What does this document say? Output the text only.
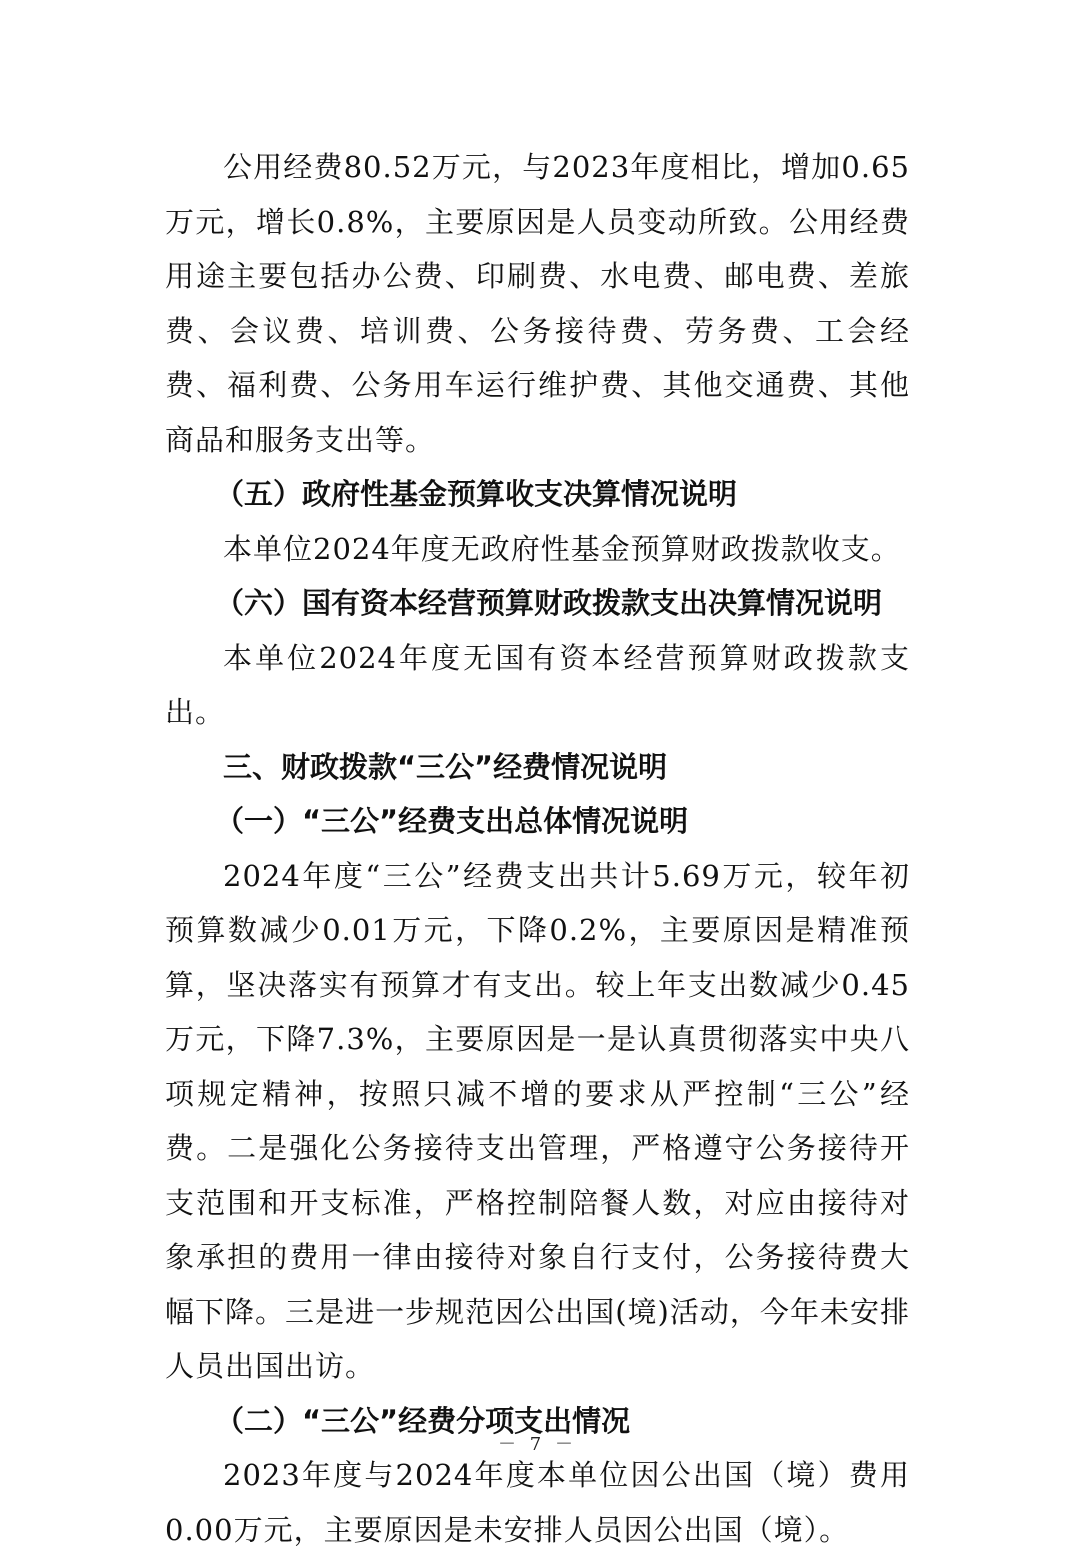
公用经费80.52万元，与2023年度相比，增加0.65万元，增长0.8%，主要原因是人员变动所致。公用经费用途主要包括办公费、印刷费、水电费、邮电费、差旅费、会议费、培训费、公务接待费、劳务费、工会经费、福利费、公务用车运行维护费、其他交通费、其他商品和服务支出等。

（五）政府性基金预算收支决算情况说明

本单位2024年度无政府性基金预算财政拨款收支。

（六）国有资本经营预算财政拨款支出决算情况说明

本单位2024年度无国有资本经营预算财政拨款支出。

三、财政拨款“三公”经费情况说明

（一）“三公”经费支出总体情况说明

2024年度“三公”经费支出共计5.69万元，较年初预算数减少0.01万元，下降0.2%，主要原因是精准预算，坚决落实有预算才有支出。较上年支出数减少0.45万元，下降7.3%，主要原因是一是认真贯彻落实中央八项规定精神，按照只减不增的要求从严控制“三公”经费。二是强化公务接待支出管理，严格遵守公务接待开支范围和开支标准，严格控制陪餐人数，对应由接待对象承担的费用一律由接待对象自行支付，公务接待费大幅下降。三是进一步规范因公出国(境)活动，今年未安排人员出国出访。

（二）“三公”经费分项支出情况

2023年度与2024年度本单位因公出国（境）费用0.00万元，主要原因是未安排人员因公出国（境）。

－ 7 －
